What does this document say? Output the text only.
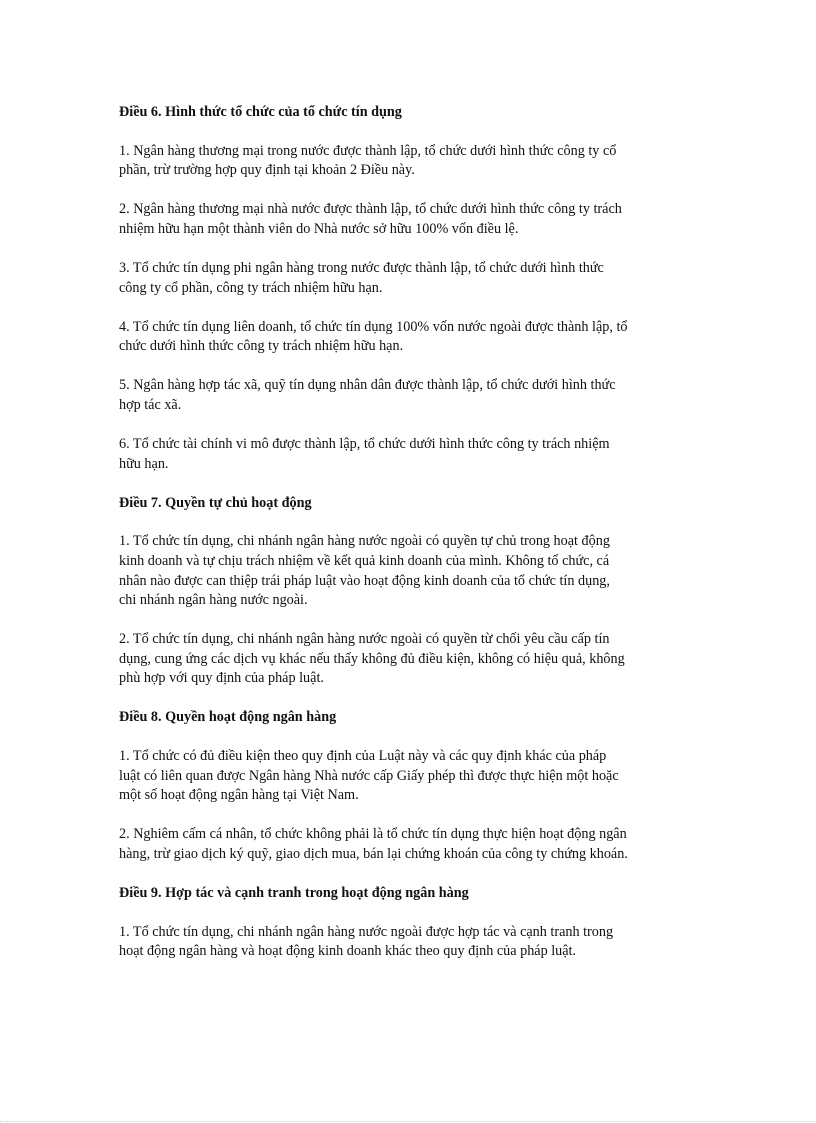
Điều 6. Hình thức tổ chức của tổ chức tín dụng
1. Ngân hàng thương mại trong nước được thành lập, tổ chức dưới hình thức công ty cổ
phần, trừ trường hợp quy định tại khoản 2 Điều này.
2. Ngân hàng thương mại nhà nước được thành lập, tổ chức dưới hình thức công ty trách
nhiệm hữu hạn một thành viên do Nhà nước sở hữu 100% vốn điều lệ.
3. Tổ chức tín dụng phi ngân hàng trong nước được thành lập, tổ chức dưới hình thức
công ty cổ phần, công ty trách nhiệm hữu hạn.
4. Tổ chức tín dụng liên doanh, tổ chức tín dụng 100% vốn nước ngoài được thành lập, tổ
chức dưới hình thức công ty trách nhiệm hữu hạn.
5. Ngân hàng hợp tác xã, quỹ tín dụng nhân dân được thành lập, tổ chức dưới hình thức
hợp tác xã.
6. Tổ chức tài chính vi mô được thành lập, tổ chức dưới hình thức công ty trách nhiệm
hữu hạn.
Điều 7. Quyền tự chủ hoạt động
1. Tổ chức tín dụng, chi nhánh ngân hàng nước ngoài có quyền tự chủ trong hoạt động
kinh doanh và tự chịu trách nhiệm về kết quả kinh doanh của mình. Không tổ chức, cá
nhân nào được can thiệp trái pháp luật vào hoạt động kinh doanh của tổ chức tín dụng,
chi nhánh ngân hàng nước ngoài.
2. Tổ chức tín dụng, chi nhánh ngân hàng nước ngoài có quyền từ chối yêu cầu cấp tín
dụng, cung ứng các dịch vụ khác nếu thấy không đủ điều kiện, không có hiệu quả, không
phù hợp với quy định của pháp luật.
Điều 8. Quyền hoạt động ngân hàng
1. Tổ chức có đủ điều kiện theo quy định của Luật này và các quy định khác của pháp
luật có liên quan được Ngân hàng Nhà nước cấp Giấy phép thì được thực hiện một hoặc
một số hoạt động ngân hàng tại Việt Nam.
2. Nghiêm cấm cá nhân, tổ chức không phải là tổ chức tín dụng thực hiện hoạt động ngân
hàng, trừ giao dịch ký quỹ, giao dịch mua, bán lại chứng khoán của công ty chứng khoán.
Điều 9. Hợp tác và cạnh tranh trong hoạt động ngân hàng
1. Tổ chức tín dụng, chi nhánh ngân hàng nước ngoài được hợp tác và cạnh tranh trong
hoạt động ngân hàng và hoạt động kinh doanh khác theo quy định của pháp luật.
